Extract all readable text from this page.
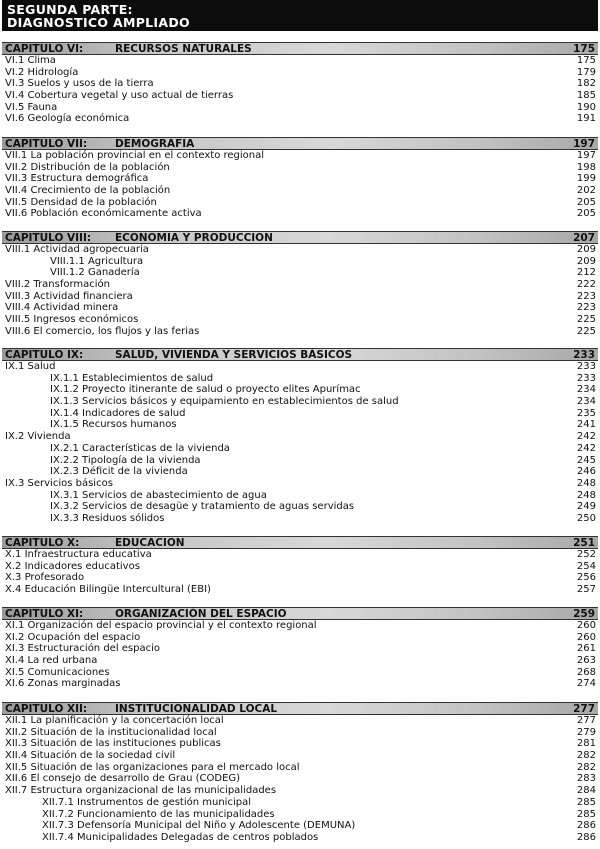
SEGUNDA PARTE:
DIAGNOSTICO AMPLIADO
CAPITULO VI:	RECURSOS NATURALES	175
VI.1 Clima	175
VI.2 Hidrología	179
VI.3 Suelos y usos de la tierra	182
VI.4 Cobertura vegetal y uso actual de tierras	185
VI.5 Fauna	190
VI.6 Geología económica	191
CAPITULO VII:	DEMOGRAFIA	197
VII.1 La población provincial en el contexto regional	197
VII.2 Distribución de la población	198
VII.3 Estructura demográfica	199
VII.4 Crecimiento de la población	202
VII.5 Densidad de la población	205
VII.6 Población económicamente activa	205
CAPITULO VIII:	ECONOMIA Y PRODUCCION	207
VIII.1 Actividad agropecuaria	209
VIII.1.1 Agricultura	209
VIII.1.2 Ganadería	212
VIII.2 Transformación	222
VIII.3 Actividad financiera	223
VIII.4 Actividad minera	223
VIII.5 Ingresos económicos	225
VIII.6 El comercio, los flujos y las ferias	225
CAPITULO IX:	SALUD, VIVIENDA Y SERVICIOS BÁSICOS	233
IX.1 Salud	233
IX.1.1 Establecimientos de salud	233
IX.1.2 Proyecto itinerante de salud o proyecto elites Apurímac	234
IX.1.3 Servicios básicos y equipamiento en establecimientos de salud	234
IX.1.4 Indicadores de salud	235
IX.1.5 Recursos humanos	241
IX.2 Vivienda	242
IX.2.1 Características de la vivienda	242
IX.2.2 Tipología de la vivienda	245
IX.2.3 Déficit de la vivienda	246
IX.3 Servicios básicos	248
IX.3.1 Servicios de abastecimiento de agua	248
IX.3.2 Servicios de desagüe y tratamiento de aguas servidas	249
IX.3.3 Residuos sólidos	250
CAPITULO X:	EDUCACION	251
X.1 Infraestructura educativa	252
X.2 Indicadores educativos	254
X.3 Profesorado	256
X.4 Educación Bilingüe Intercultural (EBI)	257
CAPITULO XI:	ORGANIZACIÓN DEL ESPACIO	259
XI.1 Organización del espacio provincial y el contexto regional	260
XI.2 Ocupación del espacio	260
XI.3 Estructuración del espacio	261
XI.4 La red urbana	263
XI.5 Comunicaciones	268
XI.6 Zonas marginadas	274
CAPITULO XII:	INSTITUCIONALIDAD LOCAL	277
XII.1 La planificación y la concertación local	277
XII.2 Situación de la institucionalidad local	279
XII.3 Situación de las instituciones publicas	281
XII.4 Situación de la sociedad civil	282
XII.5 Situación de las organizaciones para el mercado local	282
XII.6 El consejo de desarrollo de Grau (CODEG)	283
XII.7 Estructura organizacional de las municipalidades	284
XII.7.1 Instrumentos de gestión municipal	285
XII.7.2 Funcionamiento de las municipalidades	285
XII.7.3 Defensoría Municipal del Niño y Adolescente (DEMUNA)	286
XII.7.4 Municipalidades Delegadas de centros poblados	286
